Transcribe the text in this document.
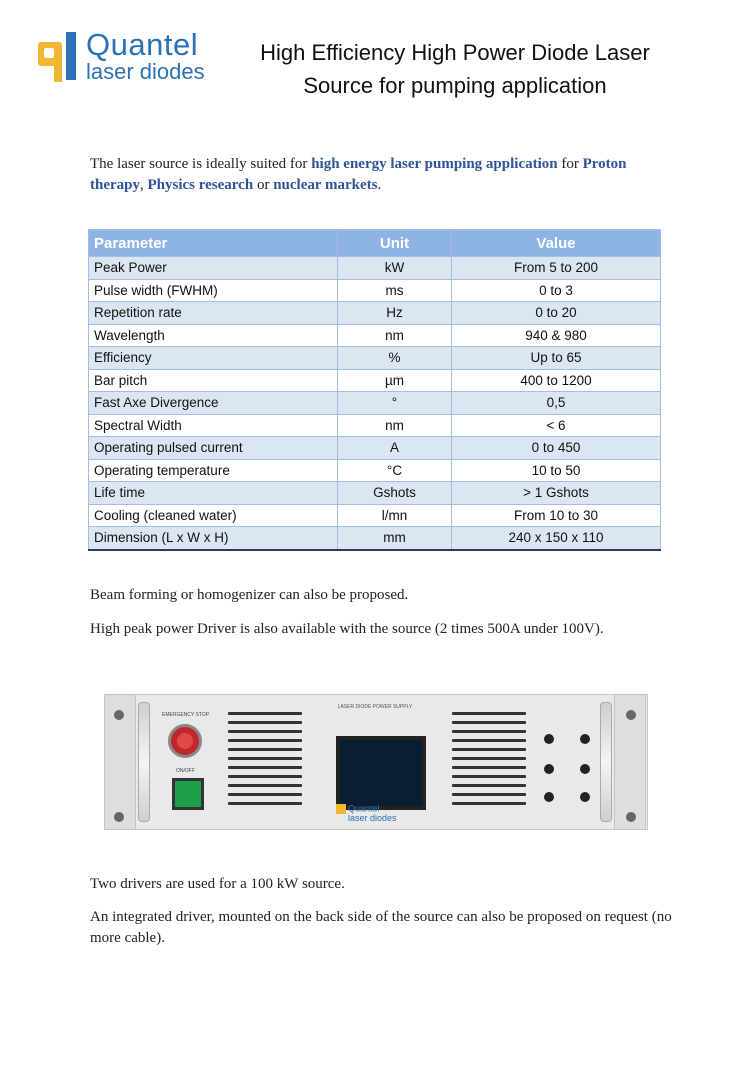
Quantel
laser diodes
High Efficiency High Power Diode Laser
Source for pumping application
The laser source is ideally suited for high energy laser pumping application for Proton therapy, Physics research or nuclear markets.
Parameter	Unit	Value
Peak Power	kW	From 5 to 200
Pulse width (FWHM)	ms	0 to 3
Repetition rate	Hz	0 to 20
Wavelength	nm	940 & 980
Efficiency	%	Up to 65
Bar pitch	µm	400 to 1200
Fast Axe Divergence	°	0,5
Spectral Width	nm	< 6
Operating pulsed current	A	0 to 450
Operating temperature	°C	10 to 50
Life time	Gshots	> 1 Gshots
Cooling (cleaned water)	l/mn	From 10 to 30
Dimension (L x W x H)	mm	240 x 150 x 110
Beam forming or homogenizer can also be proposed.
High peak power Driver is also available with the source (2 times 500A under 100V).
EMERGENCY STOP
ON/OFF
LASER DIODE POWER SUPPLY
Quantel
laser diodes
Two drivers are used for a 100 kW source.
An integrated driver, mounted on the back side of the source can also be proposed on request (no more cable).
